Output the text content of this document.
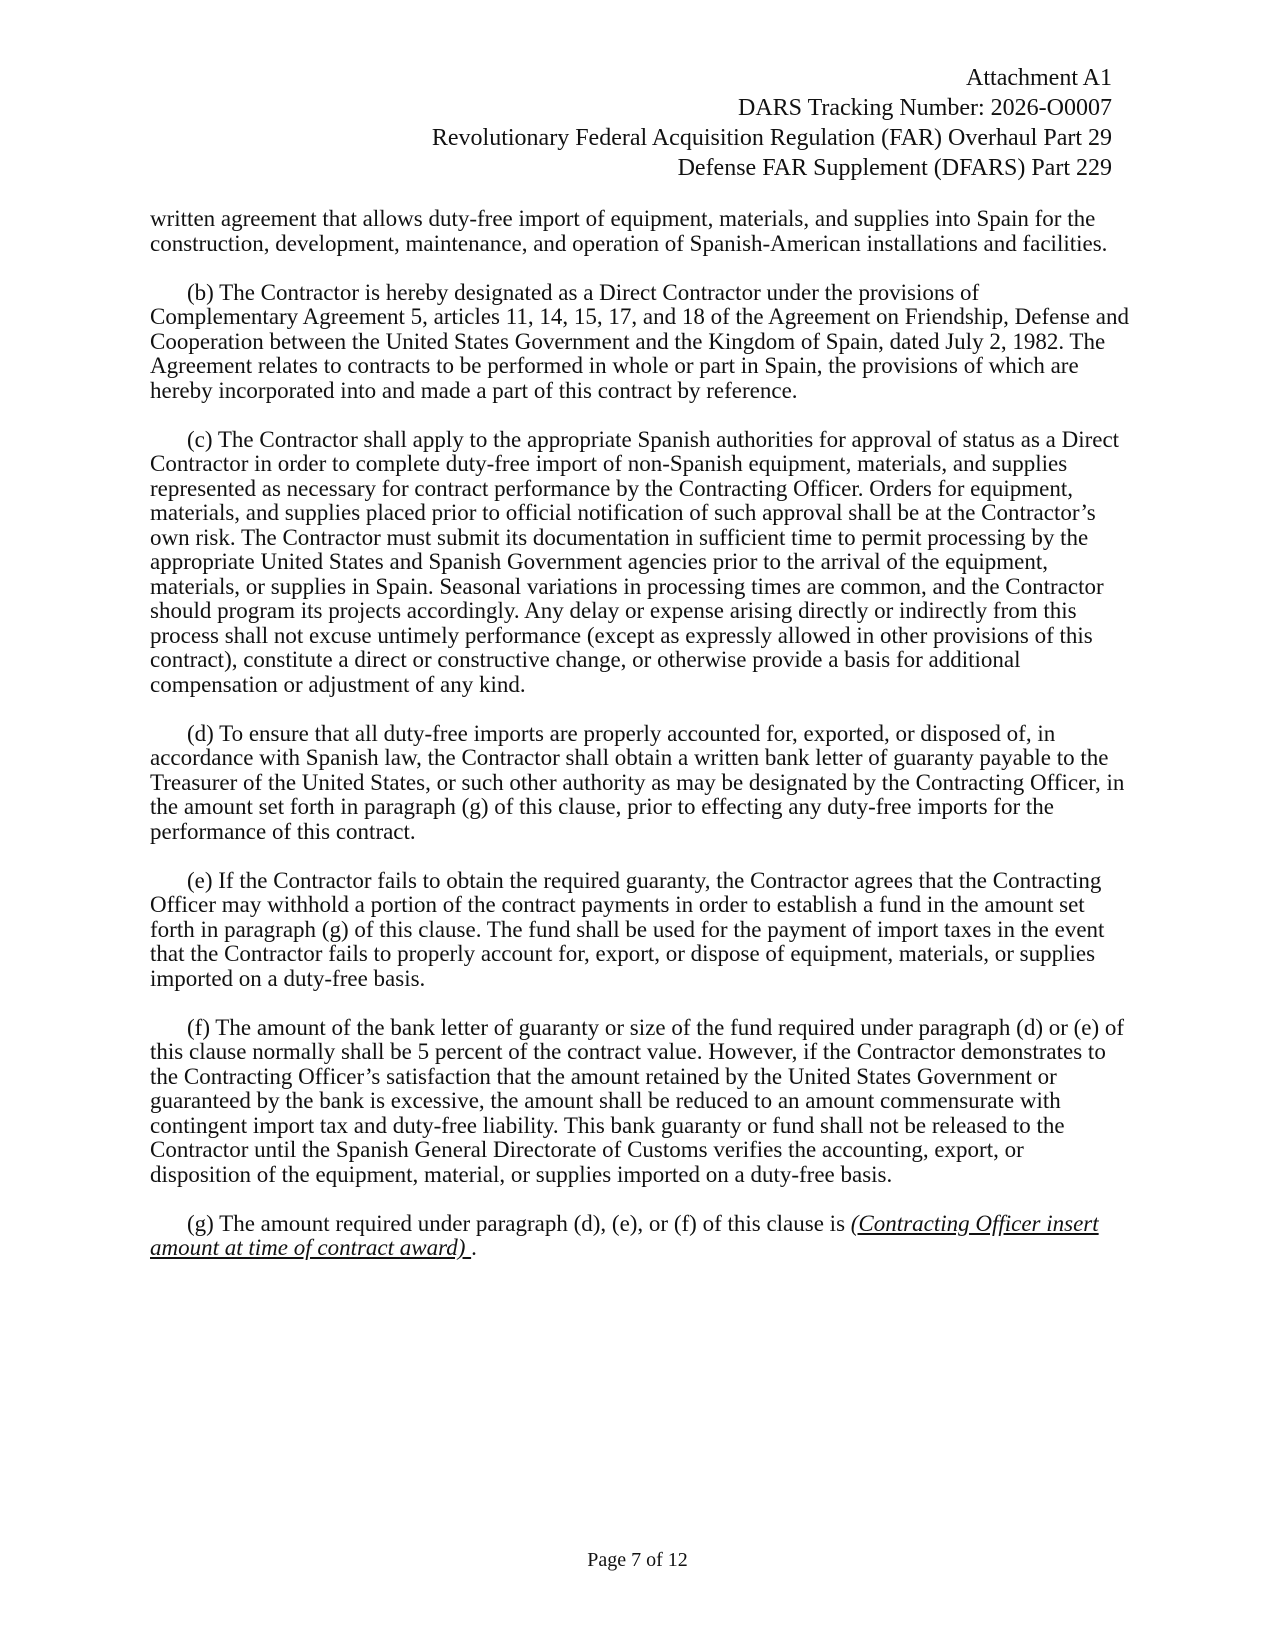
Attachment A1
DARS Tracking Number: 2026-O0007
Revolutionary Federal Acquisition Regulation (FAR) Overhaul Part 29
Defense FAR Supplement (DFARS) Part 229

written agreement that allows duty-free import of equipment, materials, and supplies into Spain for the construction, development, maintenance, and operation of Spanish-American installations and facilities.

(b) The Contractor is hereby designated as a Direct Contractor under the provisions of Complementary Agreement 5, articles 11, 14, 15, 17, and 18 of the Agreement on Friendship, Defense and Cooperation between the United States Government and the Kingdom of Spain, dated July 2, 1982. The Agreement relates to contracts to be performed in whole or part in Spain, the provisions of which are hereby incorporated into and made a part of this contract by reference.

(c) The Contractor shall apply to the appropriate Spanish authorities for approval of status as a Direct Contractor in order to complete duty-free import of non-Spanish equipment, materials, and supplies represented as necessary for contract performance by the Contracting Officer. Orders for equipment, materials, and supplies placed prior to official notification of such approval shall be at the Contractor’s own risk. The Contractor must submit its documentation in sufficient time to permit processing by the appropriate United States and Spanish Government agencies prior to the arrival of the equipment, materials, or supplies in Spain. Seasonal variations in processing times are common, and the Contractor should program its projects accordingly. Any delay or expense arising directly or indirectly from this process shall not excuse untimely performance (except as expressly allowed in other provisions of this contract), constitute a direct or constructive change, or otherwise provide a basis for additional compensation or adjustment of any kind.

(d) To ensure that all duty-free imports are properly accounted for, exported, or disposed of, in accordance with Spanish law, the Contractor shall obtain a written bank letter of guaranty payable to the Treasurer of the United States, or such other authority as may be designated by the Contracting Officer, in the amount set forth in paragraph (g) of this clause, prior to effecting any duty-free imports for the performance of this contract.

(e) If the Contractor fails to obtain the required guaranty, the Contractor agrees that the Contracting Officer may withhold a portion of the contract payments in order to establish a fund in the amount set forth in paragraph (g) of this clause. The fund shall be used for the payment of import taxes in the event that the Contractor fails to properly account for, export, or dispose of equipment, materials, or supplies imported on a duty-free basis.

(f) The amount of the bank letter of guaranty or size of the fund required under paragraph (d) or (e) of this clause normally shall be 5 percent of the contract value. However, if the Contractor demonstrates to the Contracting Officer’s satisfaction that the amount retained by the United States Government or guaranteed by the bank is excessive, the amount shall be reduced to an amount commensurate with contingent import tax and duty-free liability. This bank guaranty or fund shall not be released to the Contractor until the Spanish General Directorate of Customs verifies the accounting, export, or disposition of the equipment, material, or supplies imported on a duty-free basis.

(g) The amount required under paragraph (d), (e), or (f) of this clause is (Contracting Officer insert amount at time of contract award) .

Page 7 of 12
